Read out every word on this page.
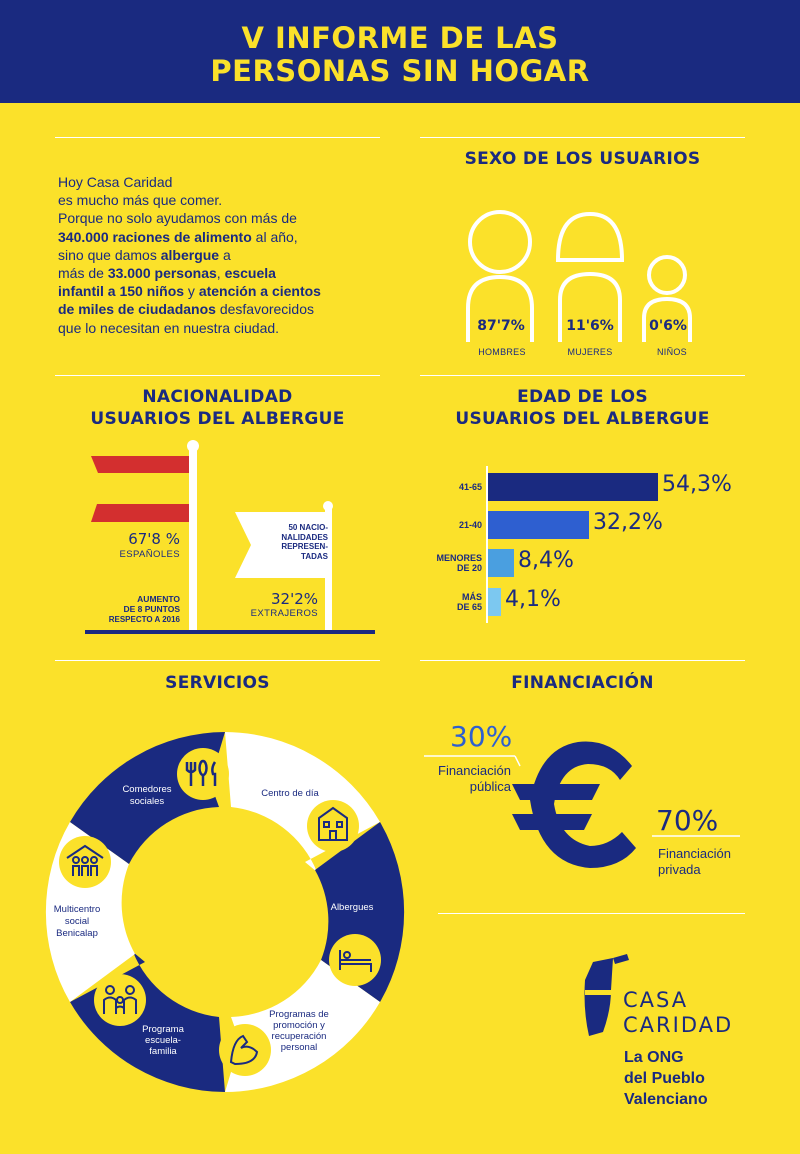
V INFORME DE LAS
PERSONAS SIN HOGAR
Hoy Casa Caridad
es mucho más que comer.
Porque no solo ayudamos con más de
340.000 raciones de alimento al año,
sino que damos albergue a
más de 33.000 personas, escuela
infantil a 150 niños y atención a cientos
de miles de ciudadanos desfavorecidos
que lo necesitan en nuestra ciudad.
SEXO DE LOS USUARIOS
87'7%	11'6%	0'6%
HOMBRES	MUJERES	NIÑOS
NACIONALIDAD
USUARIOS DEL ALBERGUE
67'8 %
ESPAÑOLES
AUMENTO
DE 8 PUNTOS
RESPECTO A 2016
50 NACIO-
NALIDADES
REPRESEN-
TADAS
32'2%
EXTRAJEROS
EDAD DE LOS
USUARIOS DEL ALBERGUE
54,3%
41-65
32,2%
21-40
8,4%
MENORES
DE 20
4,1%
MÁS
DE 65
SERVICIOS
Comedores
sociales
Centro de día
Albergues
Programas de
promoción y
recuperación
personal
Programa
escuela-
familia
Multicentro
social
Benicalap
FINANCIACIÓN
30%
Financiación
pública
70%
Financiación
privada
CASA
CARIDAD
La ONG
del Pueblo
Valenciano
